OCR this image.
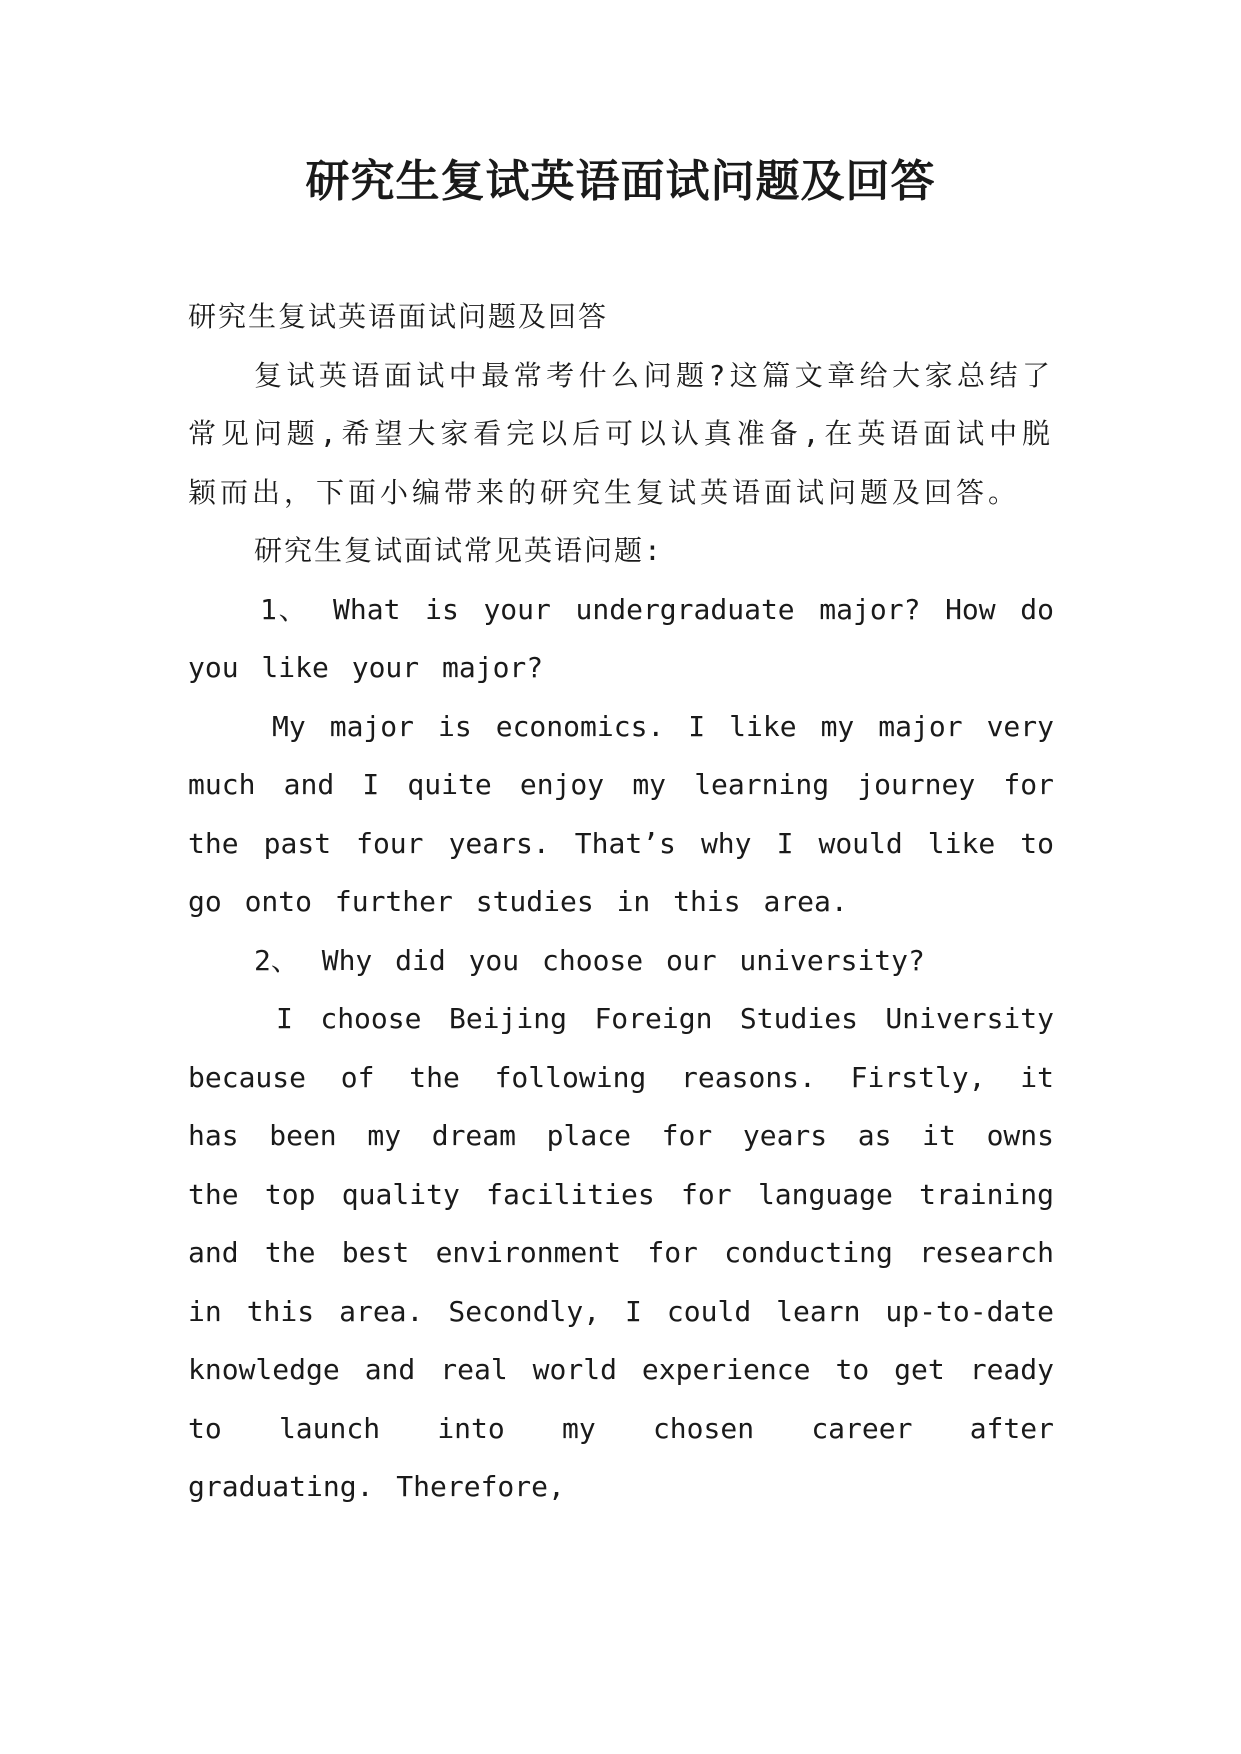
研究生复试英语面试问题及回答

研究生复试英语面试问题及回答

复试英语面试中最常考什么问题?这篇文章给大家总结了常见问题,希望大家看完以后可以认真准备,在英语面试中脱颖而出，下面小编带来的研究生复试英语面试问题及回答。

研究生复试面试常见英语问题:

1、 What is your undergraduate major? How do you like your major?

My major is economics. I like my major very much and I quite enjoy my learning journey for the past four years. That’s why I would like to go onto further studies in this area.

2、 Why did you choose our university?

I choose Beijing Foreign Studies University because of the following reasons. Firstly, it has been my dream place for years as it owns the top quality facilities for language training and the best environment for conducting research in this area. Secondly, I could learn up-to-date knowledge and real world experience to get ready to launch into my chosen career after graduating. Therefore,
